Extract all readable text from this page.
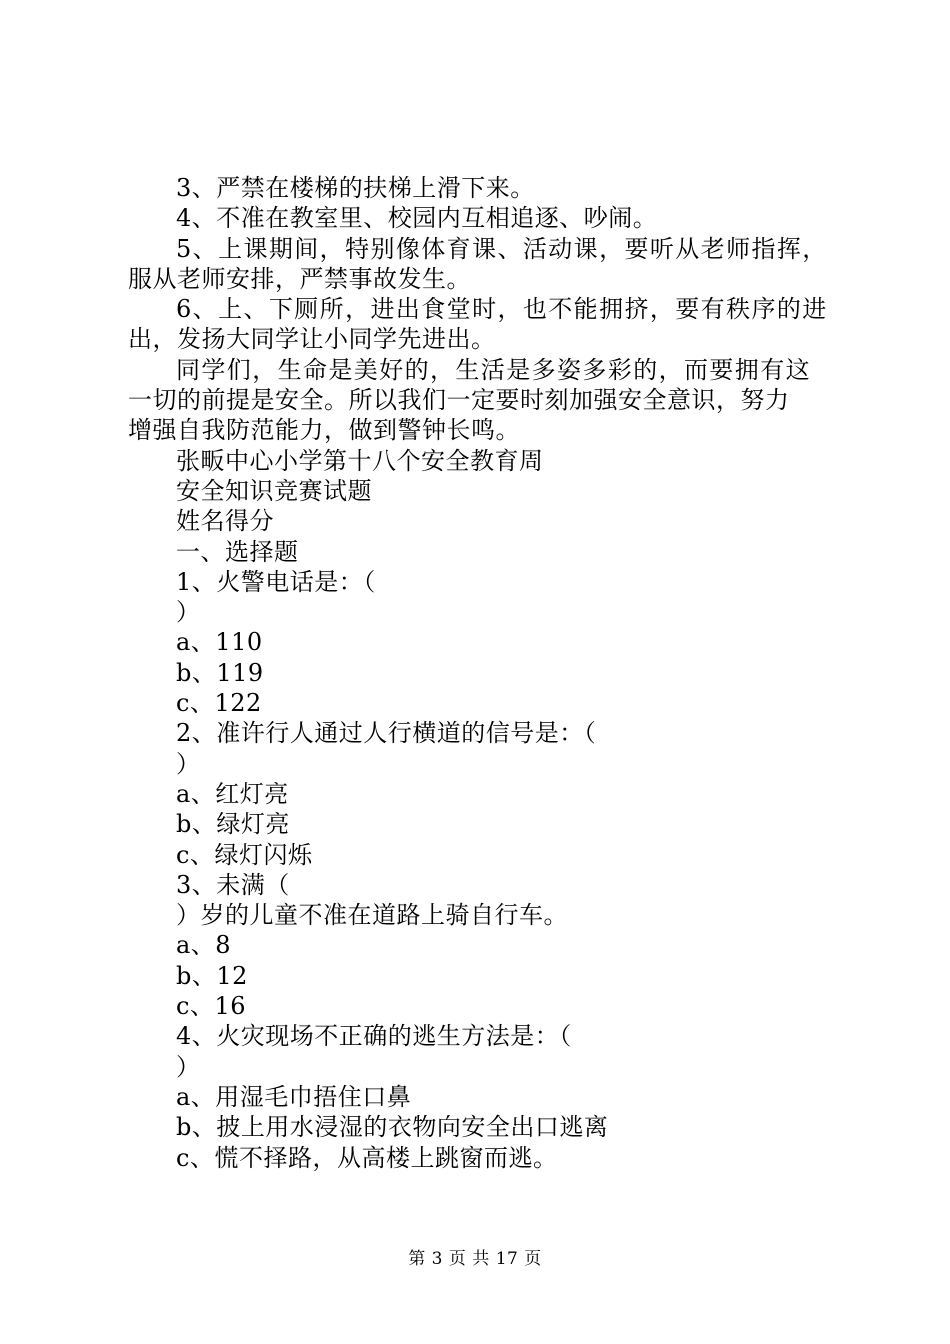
3、严禁在楼梯的扶梯上滑下来。
4、不准在教室里、校园内互相追逐、吵闹。
5、上课期间，特别像体育课、活动课，要听从老师指挥，
服从老师安排，严禁事故发生。
6、上、下厕所，进出食堂时，也不能拥挤，要有秩序的进
出，发扬大同学让小同学先进出。
同学们，生命是美好的，生活是多姿多彩的，而要拥有这
一切的前提是安全。所以我们一定要时刻加强安全意识，努力
增强自我防范能力，做到警钟长鸣。
张畈中心小学第十八个安全教育周
安全知识竞赛试题
姓名得分
一、选择题
1、火警电话是：（
）
a、110
b、119
c、122
2、准许行人通过人行横道的信号是：（
）
a、红灯亮
b、绿灯亮
c、绿灯闪烁
3、未满（
）岁的儿童不准在道路上骑自行车。
a、8
b、12
c、16
4、火灾现场不正确的逃生方法是：（
）
a、用湿毛巾捂住口鼻
b、披上用水浸湿的衣物向安全出口逃离
c、慌不择路，从高楼上跳窗而逃。
第 3 页 共 17 页
